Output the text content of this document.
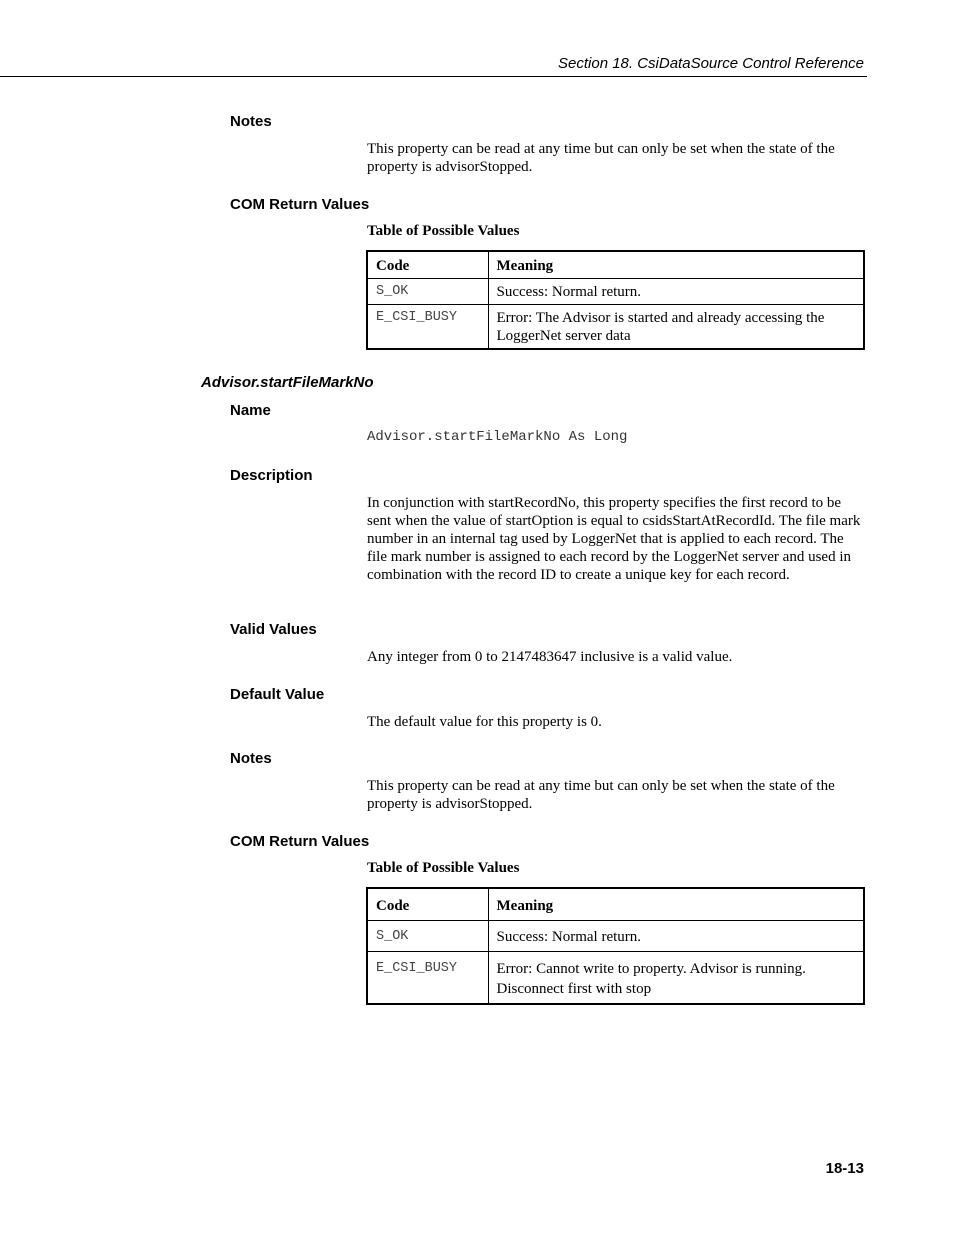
Section 18. CsiDataSource Control Reference
Notes

This property can be read at any time but can only be set when the state of the property is advisorStopped.

COM Return Values
Table of Possible Values
Code	Meaning
S_OK	Success: Normal return.
E_CSI_BUSY	Error: The Advisor is started and already accessing the LoggerNet server data
Advisor.startFileMarkNo
Name
Advisor.startFileMarkNo As Long
Description

In conjunction with startRecordNo, this property specifies the first record to be sent when the value of startOption is equal to csidsStartAtRecordId. The file mark number in an internal tag used by LoggerNet that is applied to each record. The file mark number is assigned to each record by the LoggerNet server and used in combination with the record ID to create a unique key for each record.

Valid Values

Any integer from 0 to 2147483647 inclusive is a valid value.

Default Value

The default value for this property is 0.

Notes

This property can be read at any time but can only be set when the state of the property is advisorStopped.

COM Return Values
Table of Possible Values
Code	Meaning
S_OK	Success: Normal return.
E_CSI_BUSY	Error: Cannot write to property. Advisor is running. Disconnect first with stop
18-13
